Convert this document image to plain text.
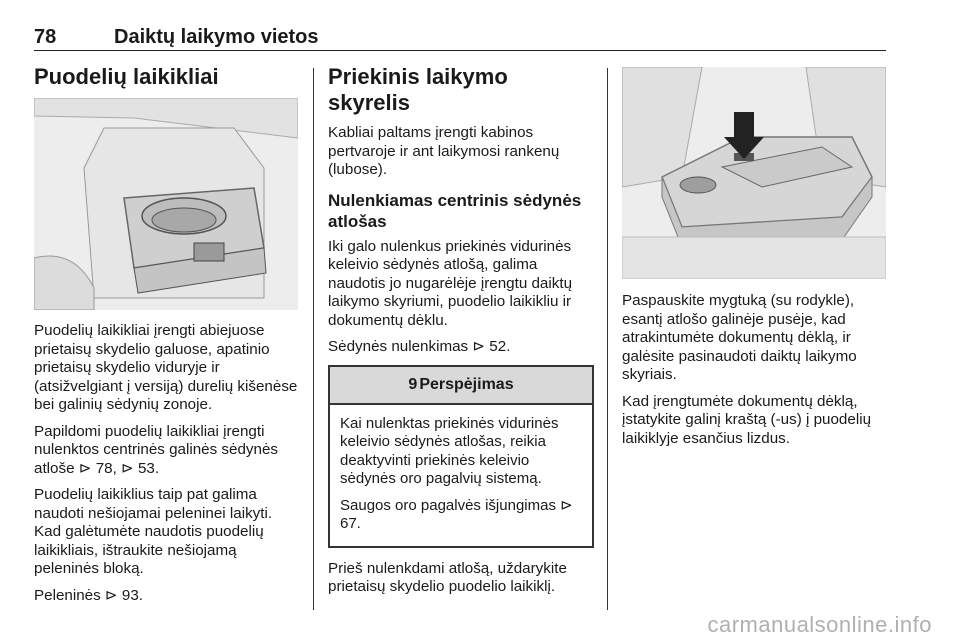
78	Daiktų laikymo vietos
Puodelių laikikliai

Puodelių laikikliai įrengti abiejuose prietaisų skydelio galuose, apatinio prietaisų skydelio viduryje ir (atsižvelgiant į versiją) durelių kišenėse bei galinių sėdynių zonoje.

Papildomi puodelių laikikliai įrengti nulenktos centrinės galinės sėdynės atloše ⊳ 78, ⊳ 53.

Puodelių laikiklius taip pat galima naudoti nešiojamai peleninei laikyti. Kad galėtumėte naudotis puodelių laikikliais, ištraukite nešiojamą peleninės bloką.

Peleninės ⊳ 93.

Priekinis laikymo skyrelis

Kabliai paltams įrengti kabinos pertvaroje ir ant laikymosi rankenų (lubose).

Nulenkiamas centrinis sėdynės atlošas

Iki galo nulenkus priekinės vidurinės keleivio sėdynės atlošą, galima naudotis jo nugarėlėje įrengtu daiktų laikymo skyriumi, puodelio laikikliu ir dokumentų dėklu.

Sėdynės nulenkimas ⊳ 52.

9 Perspėjimas

Kai nulenktas priekinės vidurinės keleivio sėdynės atlošas, reikia deaktyvinti priekinės keleivio sėdynės oro pagalvių sistemą.

Saugos oro pagalvės išjungimas ⊳ 67.

Prieš nulenkdami atlošą, uždarykite prietaisų skydelio puodelio laikiklį.

Paspauskite mygtuką (su rodykle), esantį atlošo galinėje pusėje, kad atrakintumėte dokumentų dėklą, ir galėsite pasinaudoti daiktų laikymo skyriais.

Kad įrengtumėte dokumentų dėklą, įstatykite galinį kraštą (-us) į puodelių laikiklyje esančius lizdus.

carmanualsonline.info
